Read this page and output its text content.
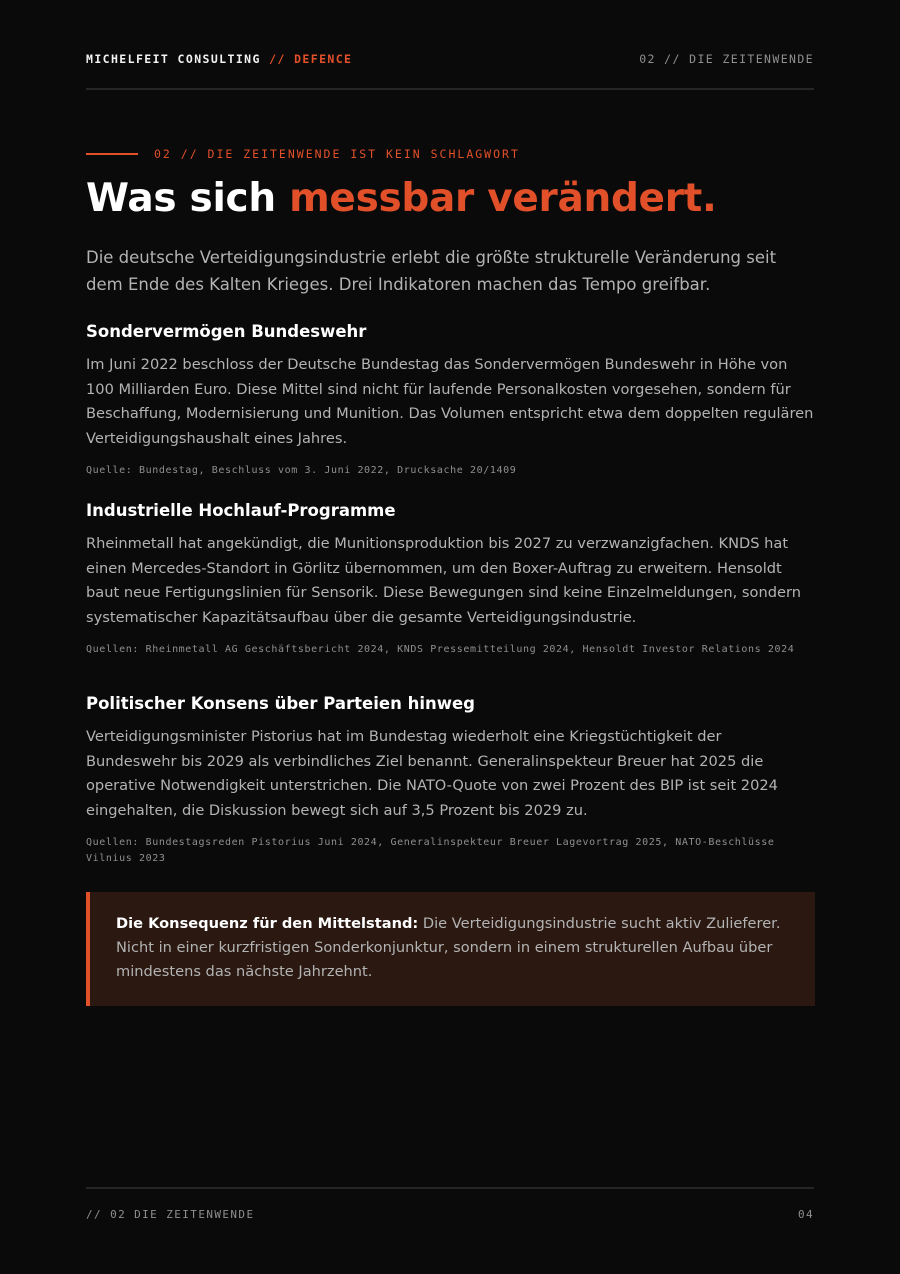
MICHELFEIT CONSULTING // DEFENCE	02 // DIE ZEITENWENDE
02 // DIE ZEITENWENDE IST KEIN SCHLAGWORT
Was sich messbar verändert.

Die deutsche Verteidigungsindustrie erlebt die größte strukturelle Veränderung seit dem Ende des Kalten Krieges. Drei Indikatoren machen das Tempo greifbar.

Sondervermögen Bundeswehr

Im Juni 2022 beschloss der Deutsche Bundestag das Sondervermögen Bundeswehr in Höhe von 100 Milliarden Euro. Diese Mittel sind nicht für laufende Personalkosten vorgesehen, sondern für Beschaffung, Modernisierung und Munition. Das Volumen entspricht etwa dem doppelten regulären Verteidigungshaushalt eines Jahres.

Quelle: Bundestag, Beschluss vom 3. Juni 2022, Drucksache 20/1409
Industrielle Hochlauf-Programme

Rheinmetall hat angekündigt, die Munitionsproduktion bis 2027 zu verzwanzigfachen. KNDS hat einen Mercedes-Standort in Görlitz übernommen, um den Boxer-Auftrag zu erweitern. Hensoldt baut neue Fertigungslinien für Sensorik. Diese Bewegungen sind keine Einzelmeldungen, sondern systematischer Kapazitätsaufbau über die gesamte Verteidigungsindustrie.

Quellen: Rheinmetall AG Geschäftsbericht 2024, KNDS Pressemitteilung 2024, Hensoldt Investor Relations 2024
Politischer Konsens über Parteien hinweg

Verteidigungsminister Pistorius hat im Bundestag wiederholt eine Kriegstüchtigkeit der Bundeswehr bis 2029 als verbindliches Ziel benannt. Generalinspekteur Breuer hat 2025 die operative Notwendigkeit unterstrichen. Die NATO-Quote von zwei Prozent des BIP ist seit 2024 eingehalten, die Diskussion bewegt sich auf 3,5 Prozent bis 2029 zu.

Quellen: Bundestagsreden Pistorius Juni 2024, Generalinspekteur Breuer Lagevortrag 2025, NATO-Beschlüsse Vilnius 2023
Die Konsequenz für den Mittelstand: Die Verteidigungsindustrie sucht aktiv Zulieferer. Nicht in einer kurzfristigen Sonderkonjunktur, sondern in einem strukturellen Aufbau über mindestens das nächste Jahrzehnt.
// 02 DIE ZEITENWENDE	04
